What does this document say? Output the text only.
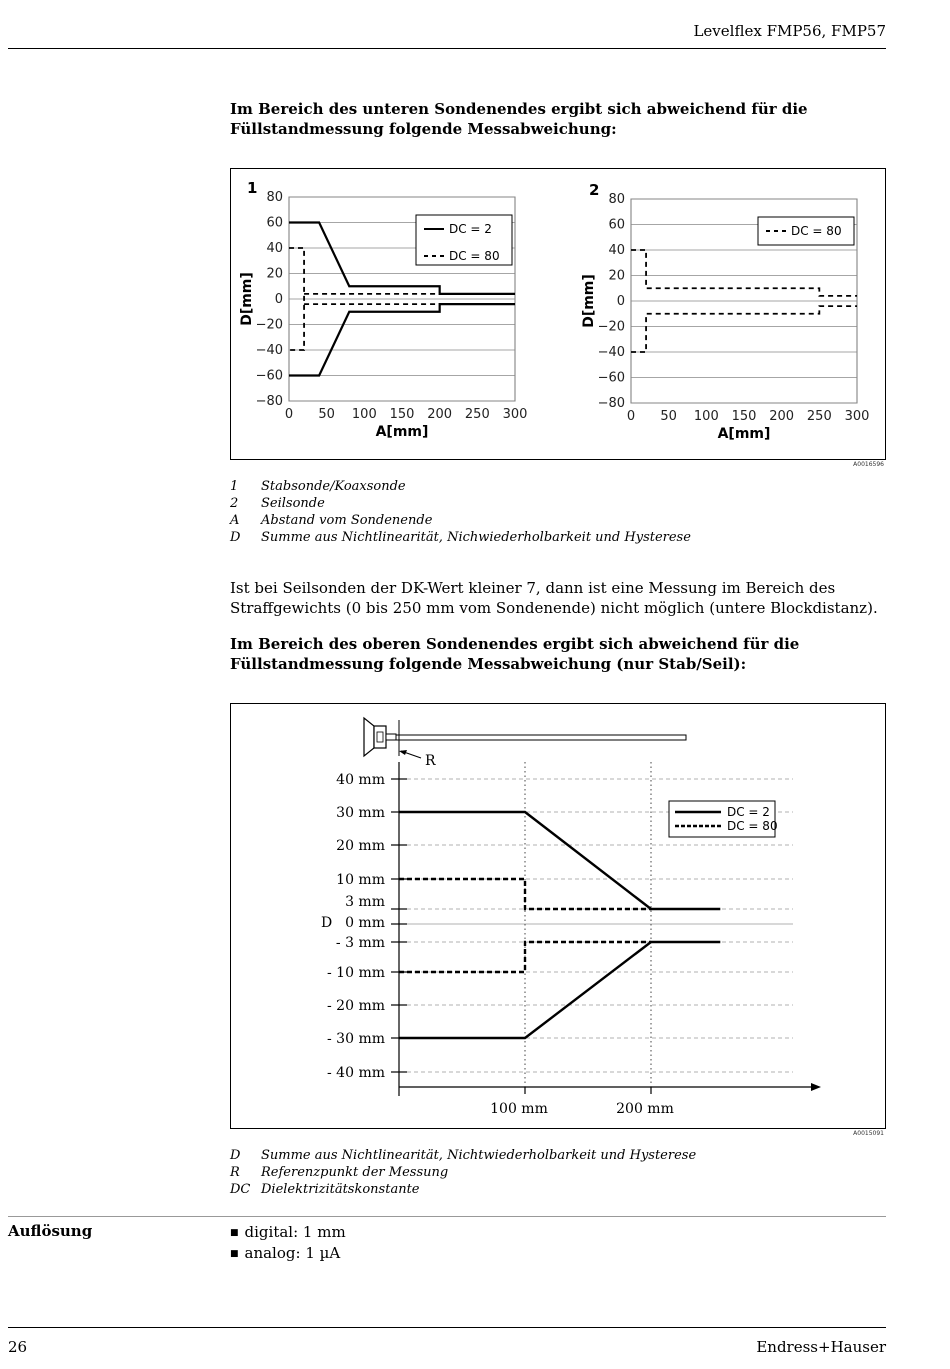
Levelflex FMP56, FMP57
Im Bereich des unteren Sondenendes ergibt sich abweichend für die Füllstandmessung folgende Messabweichung:
80
60
40
20
0
−20
−40
−60
−80
0 50 100 150 200 250 300
A[mm]
D[mm]
1
DC = 2
DC = 80
80
60
40
20
0
−20
−40
−60
−80
0 50 100 150 200 250 300
A[mm]
D[mm]
2
DC = 80
A0016596
1	Stabsonde/Koaxsonde
2	Seilsonde
A	Abstand vom Sondenende
D	Summe aus Nichtlinearität, Nichwiederholbarkeit und Hysterese
Ist bei Seilsonden der DK-Wert kleiner 7, dann ist eine Messung im Bereich des Straffgewichts (0 bis 250 mm vom Sondenende) nicht möglich (untere Blockdistanz).
Im Bereich des oberen Sondenendes ergibt sich abweichend für die Füllstandmessung folgende Messabweichung (nur Stab/Seil):
R
40 mm
30 mm
20 mm
10 mm
3 mm
0 mm
- 3 mm
- 10 mm
- 20 mm
- 30 mm
- 40 mm
D
100 mm	200 mm
DC = 2
DC = 80
A0015091
D	Summe aus Nichtlinearität, Nichtwiederholbarkeit und Hysterese
R	Referenzpunkt der Messung
DC Dielektrizitätskonstante
Auflösung
■	digital: 1 mm
■ analog: 1 µA
26	Endress+Hauser
